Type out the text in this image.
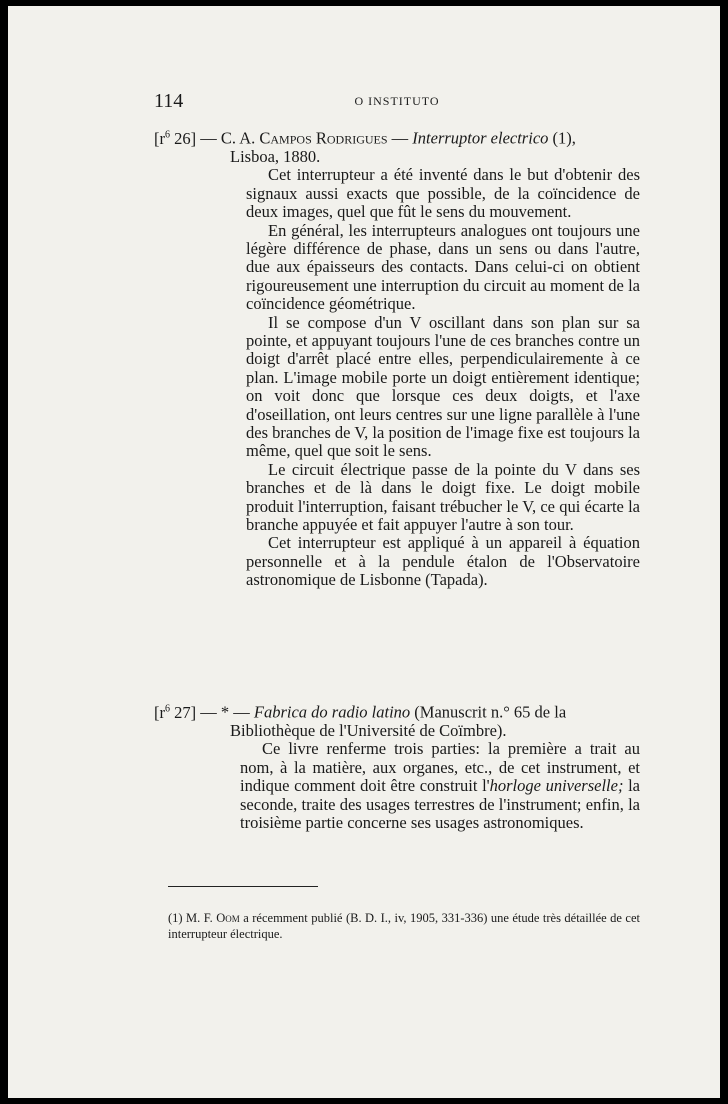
114	O INSTITUTO
[$r^6$ 26] — C. A. Campos Rodrigues — Interruptor electrico (1),
Lisboa, 1880.

Cet interrupteur a été inventé dans le but d'obtenir des signaux aussi exacts que possible, de la coïncidence de deux images, quel que fût le sens du mouvement.

En général, les interrupteurs analogues ont toujours une légère différence de phase, dans un sens ou dans l'autre, due aux épaisseurs des contacts. Dans celui-ci on obtient rigoureusement une interruption du circuit au moment de la coïncidence géométrique.

Il se compose d'un V oscillant dans son plan sur sa pointe, et appuyant toujours l'une de ces branches contre un doigt d'arrêt placé entre elles, perpendiculairemente à ce plan. L'image mobile porte un doigt entièrement identique; on voit donc que lorsque ces deux doigts, et l'axe d'oseillation, ont leurs centres sur une ligne parallèle à l'une des branches de V, la position de l'image fixe est toujours la même, quel que soit le sens.

Le circuit électrique passe de la pointe du V dans ses branches et de là dans le doigt fixe. Le doigt mobile produit l'interruption, faisant trébucher le V, ce qui écarte la branche appuyée et fait appuyer l'autre à son tour.

Cet interrupteur est appliqué à un appareil à équation personnelle et à la pendule étalon de l'Observatoire astronomique de Lisbonne (Tapada).

[$r^6$ 27] — * — Fabrica do radio latino (Manuscrit n.° 65 de la
Bibliothèque de l'Université de Coïmbre).

Ce livre renferme trois parties: la première a trait au nom, à la matière, aux organes, etc., de cet instrument, et indique comment doit être construit l'horloge universelle; la seconde, traite des usages terrestres de l'instrument; enfin, la troisième partie concerne ses usages astronomiques.

(1) M. F. Oom a récemment publié (B. D. I., iv, 1905, 331-336) une étude très détaillée de cet interrupteur électrique.
